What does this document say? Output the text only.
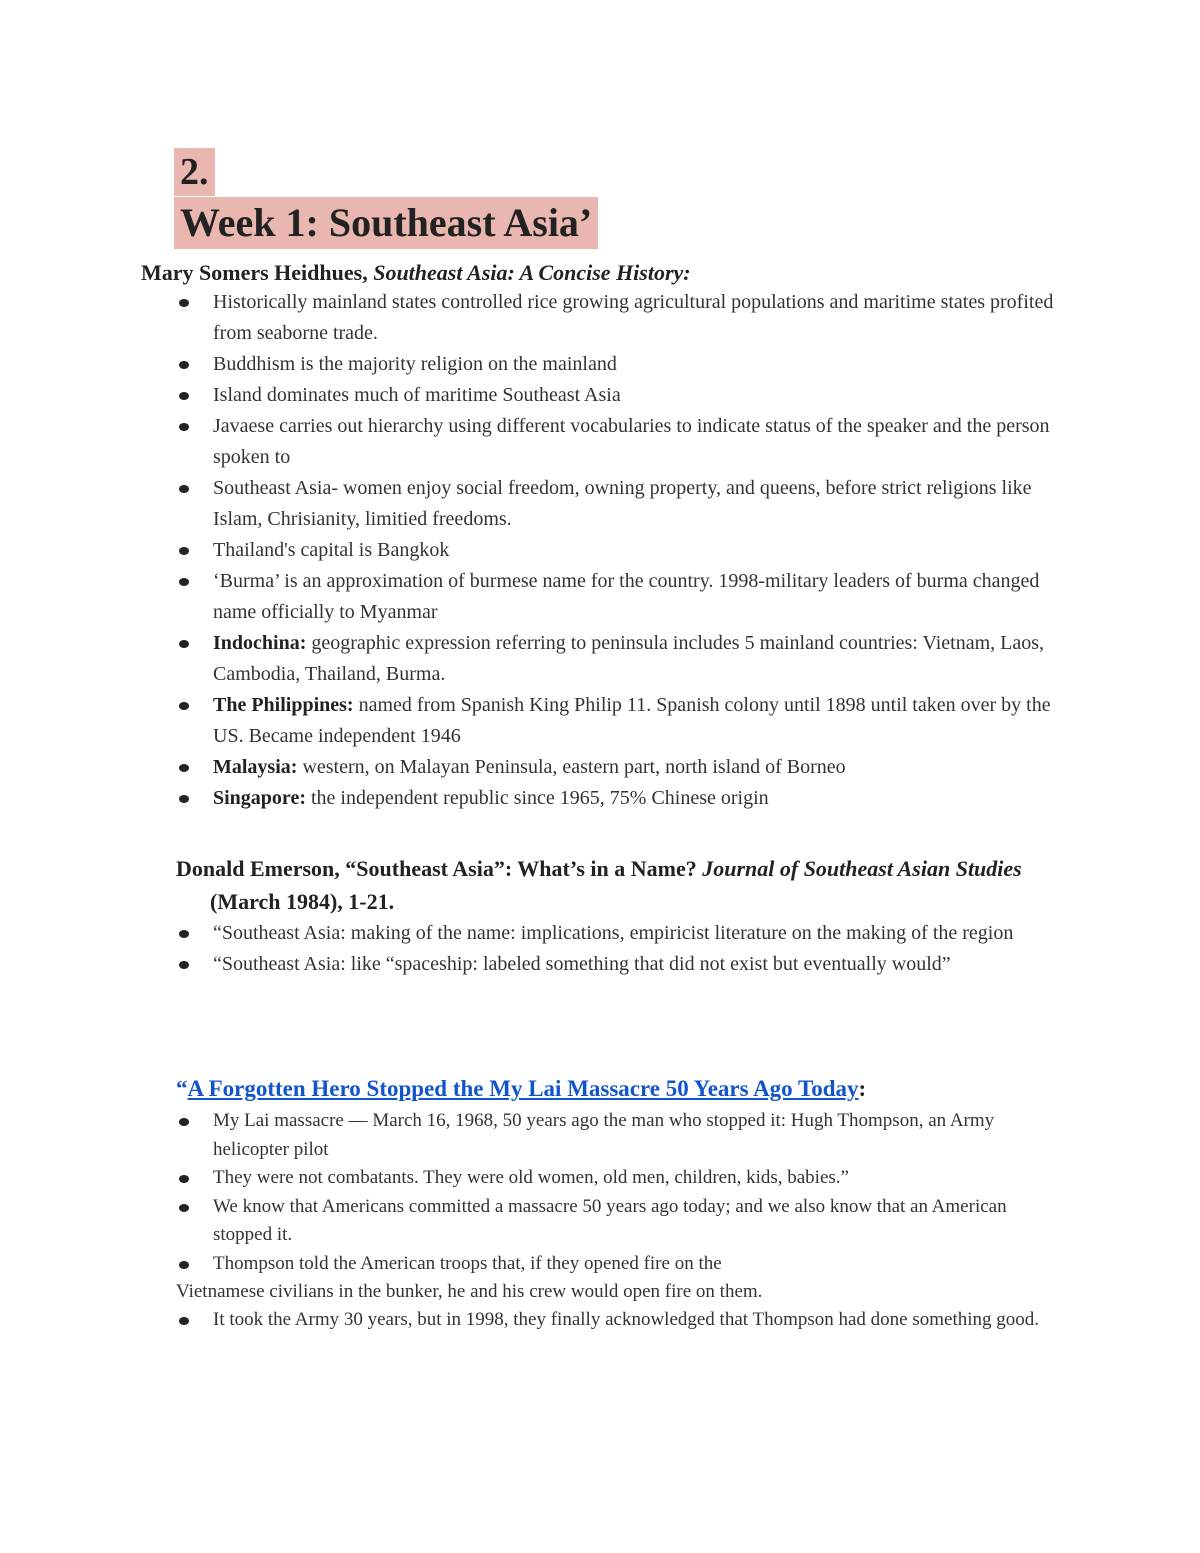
2.
Week 1: Southeast Asia’
Mary Somers Heidhues, Southeast Asia: A Concise History:
Historically mainland states controlled rice growing agricultural populations and maritime states profited from seaborne trade.
Buddhism is the majority religion on the mainland
Island dominates much of maritime Southeast Asia
Javaese carries out hierarchy using different vocabularies to indicate status of the speaker and the person spoken to
Southeast Asia- women enjoy social freedom, owning property, and queens, before strict religions like Islam, Chrisianity, limitied freedoms.
Thailand's capital is Bangkok
‘Burma’ is an approximation of burmese name for the country. 1998-military leaders of burma changed name officially to Myanmar
Indochina: geographic expression referring to peninsula includes 5 mainland countries: Vietnam, Laos, Cambodia, Thailand, Burma.
The Philippines: named from Spanish King Philip 11. Spanish colony until 1898 until taken over by the US. Became independent 1946
Malaysia: western, on Malayan Peninsula, eastern part, north island of Borneo
Singapore: the independent republic since 1965, 75% Chinese origin
Donald Emerson, “Southeast Asia”: What’s in a Name? Journal of Southeast Asian Studies (March 1984), 1-21.
“Southeast Asia: making of the name: implications, empiricist literature on the making of the region
“Southeast Asia: like “spaceship: labeled something that did not exist but eventually would”
“A Forgotten Hero Stopped the My Lai Massacre 50 Years Ago Today:
My Lai massacre — March 16, 1968, 50 years ago the man who stopped it: Hugh Thompson, an Army helicopter pilot
They were not combatants. They were old women, old men, children, kids, babies.”
We know that Americans committed a massacre 50 years ago today; and we also know that an American stopped it.
Thompson told the American troops that, if they opened fire on the
Vietnamese civilians in the bunker, he and his crew would open fire on them.
It took the Army 30 years, but in 1998, they finally acknowledged that Thompson had done something good.
